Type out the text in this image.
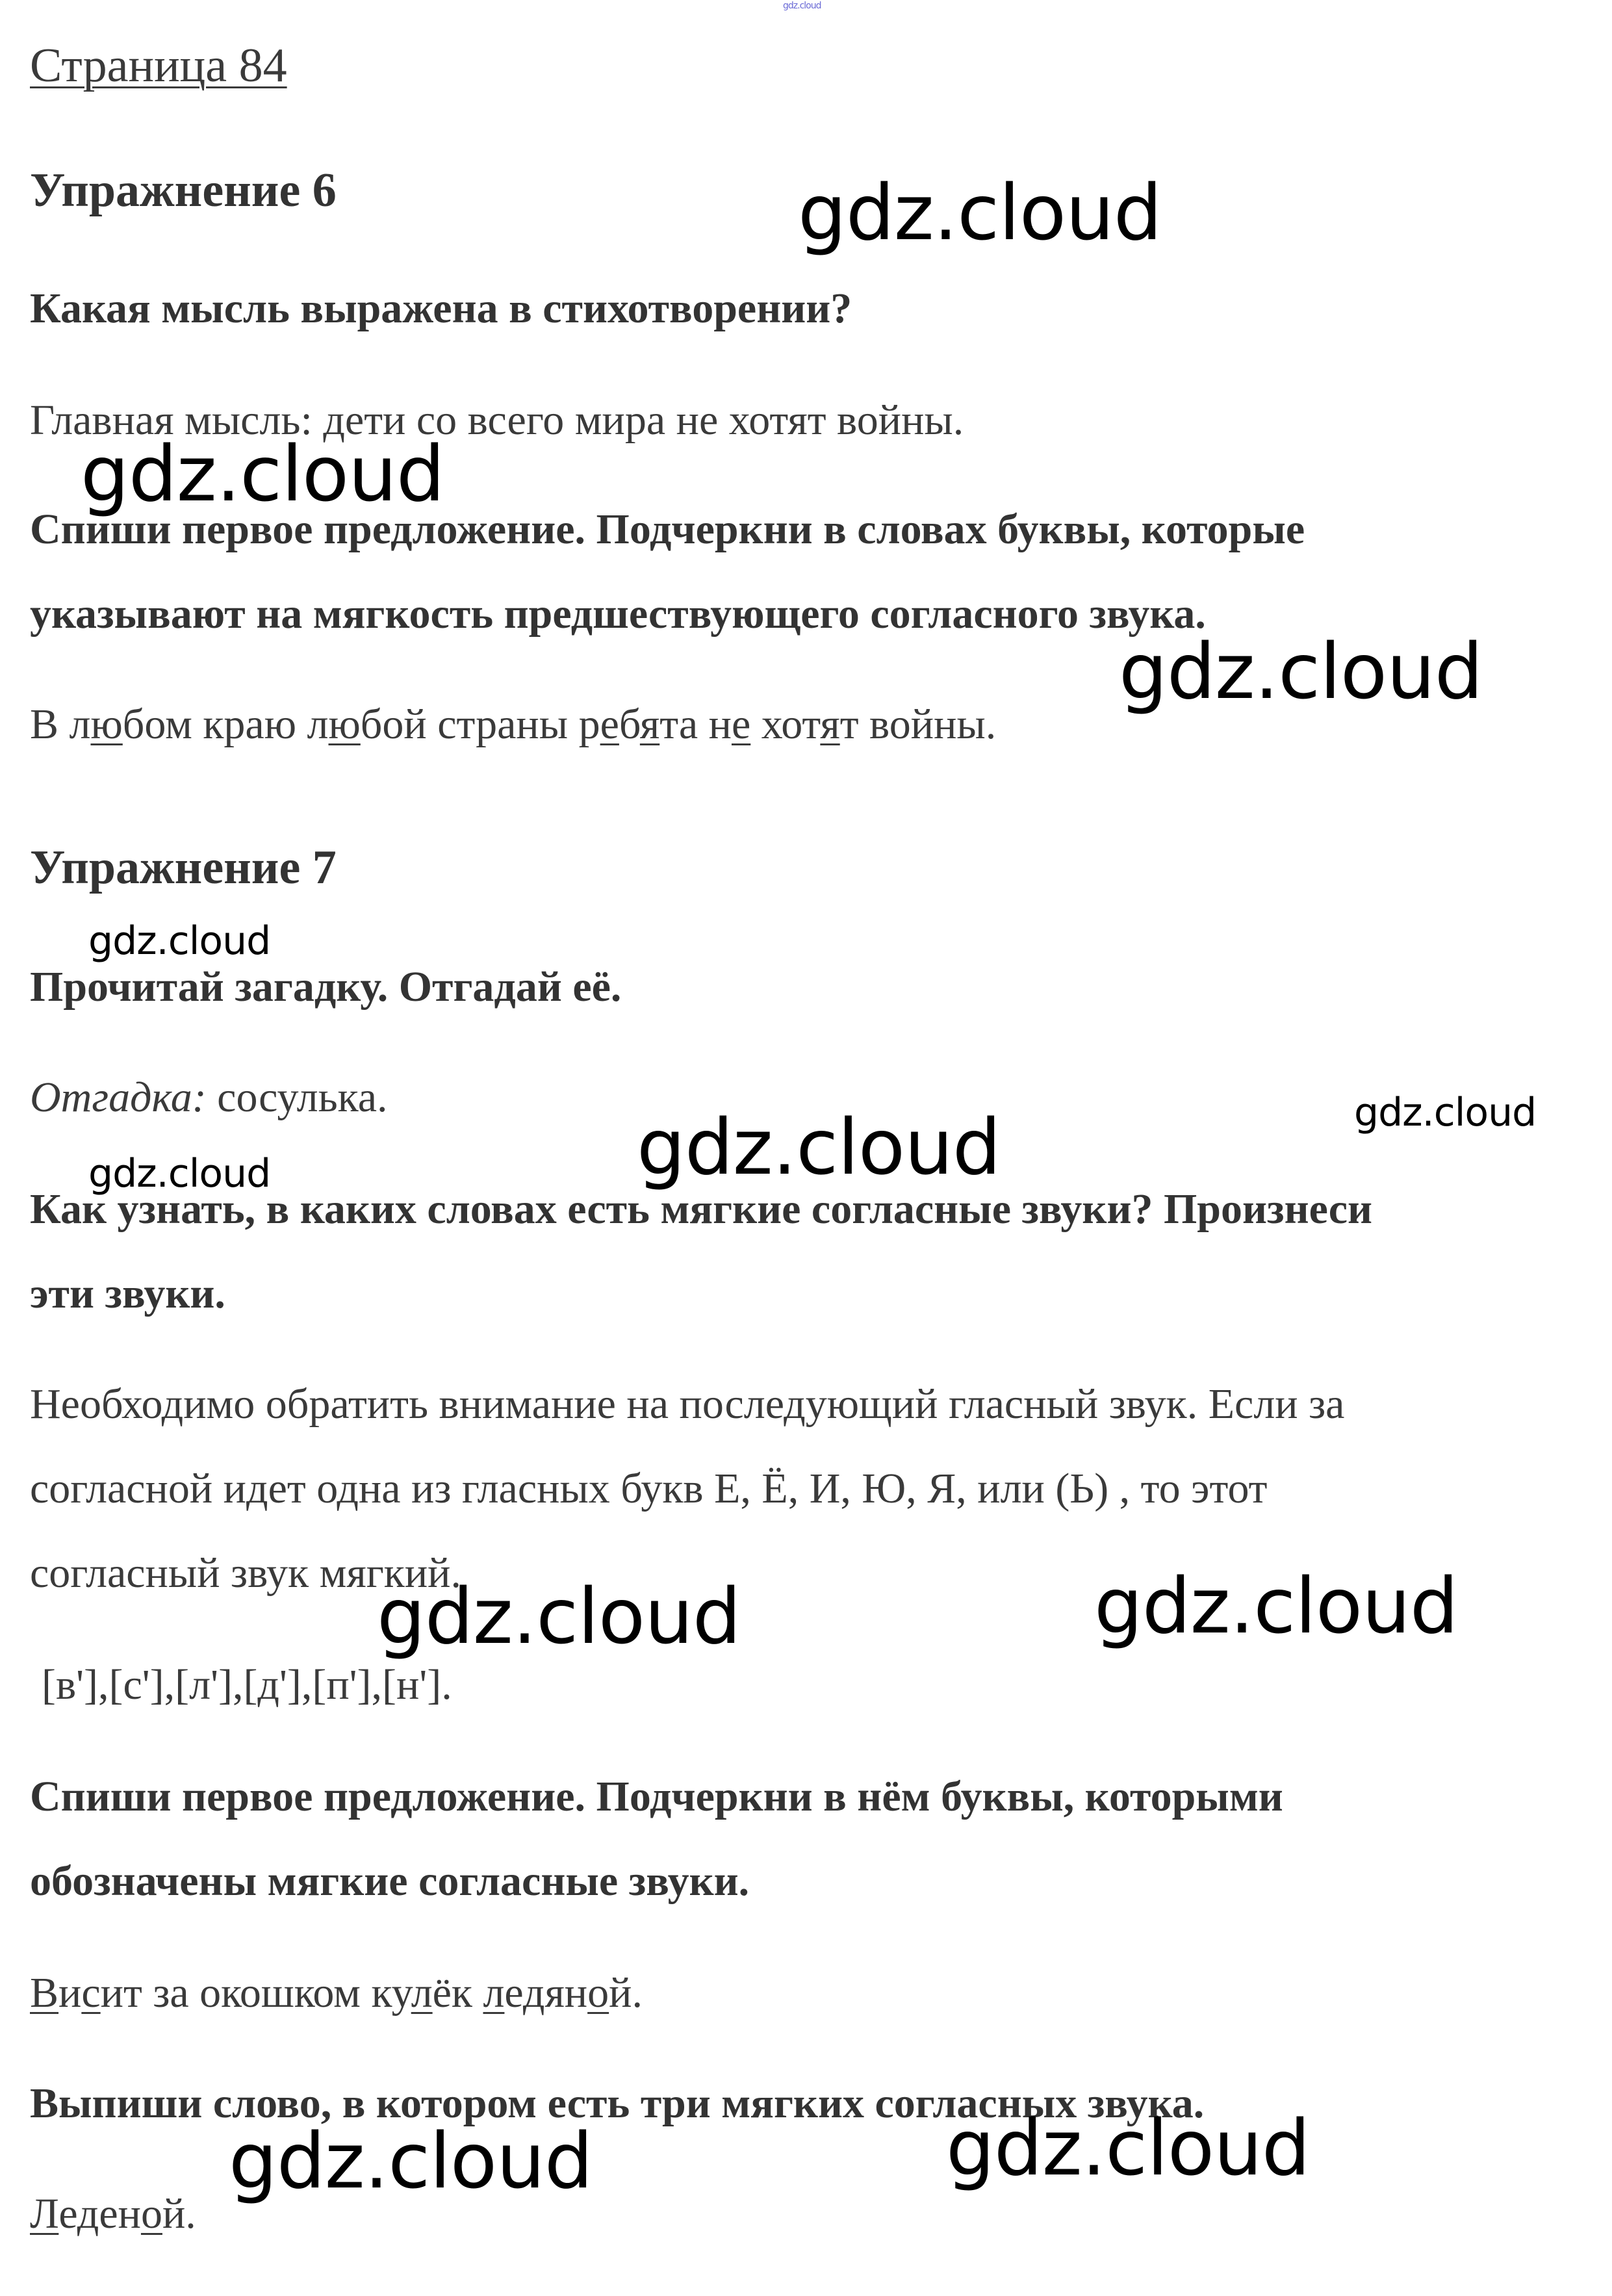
gdz.cloud
Страница 84
Упражнение 6
Какая мысль выражена в стихотворении?
Главная мысль: дети со всего мира не хотят войны.
Спиши первое предложение. Подчеркни в словах буквы, которые
указывают на мягкость предшествующего согласного звука.
В любом краю любой страны ребята не хотят войны.
Упражнение 7
Прочитай загадку. Отгадай её.
Отгадка: сосулька.
Как узнать, в каких словах есть мягкие согласные звуки? Произнеси
эти звуки.
Необходимо обратить внимание на последующий гласный звук. Если за
согласной идет одна из гласных букв Е, Ё, И, Ю, Я, или (Ь) , то этот
согласный звук мягкий.
[в'],[с'],[л'],[д'],[п'],[н'].
Спиши первое предложение. Подчеркни в нём буквы, которыми
обозначены мягкие согласные звуки.
Висит за окошком кулёк ледяной.
Выпиши слово, в котором есть три мягких согласных звука.
Леденой.
gdz.cloud
gdz.cloud
gdz.cloud
gdz.cloud
gdz.cloud
gdz.cloud
gdz.cloud
gdz.cloud
gdz.cloud
gdz.cloud	gdz.cloud
